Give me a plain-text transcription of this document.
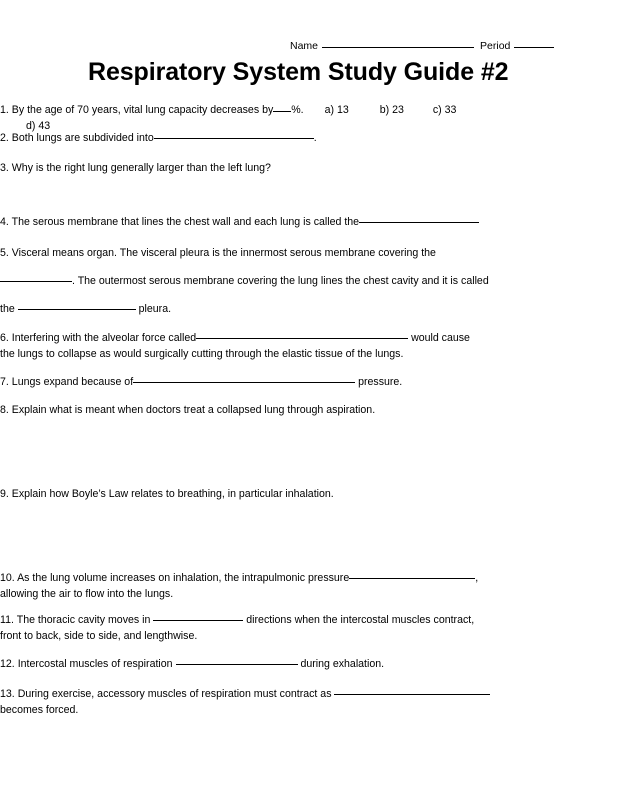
Name	Period
Respiratory System Study Guide #2

1. By the age of 70 years, vital lung capacity decreases by %. a) 13	b) 23	c) 33 d) 43

2. Both lungs are subdivided into	.

3. Why is the right lung generally larger than the left lung?

4. The serous membrane that lines the chest wall and each lung is called the

5. Visceral means organ. The visceral pleura is the innermost serous membrane covering the

. The outermost serous membrane covering the lung lines the chest cavity and it is called

the	pleura.

6. Interfering with the alveolar force called	would cause

the lungs to collapse as would surgically cutting through the elastic tissue of the lungs.

7. Lungs expand because of	pressure.

8. Explain what is meant when doctors treat a collapsed lung through aspiration.

9. Explain how Boyle’s Law relates to breathing, in particular inhalation.

10. As the lung volume increases on inhalation, the intrapulmonic pressure	,

allowing the air to flow into the lungs.

11. The thoracic cavity moves in	directions when the intercostal muscles contract,

front to back, side to side, and lengthwise.

12. Intercostal muscles of respiration	during exhalation.

13. During exercise, accessory muscles of respiration must contract as

becomes forced.
